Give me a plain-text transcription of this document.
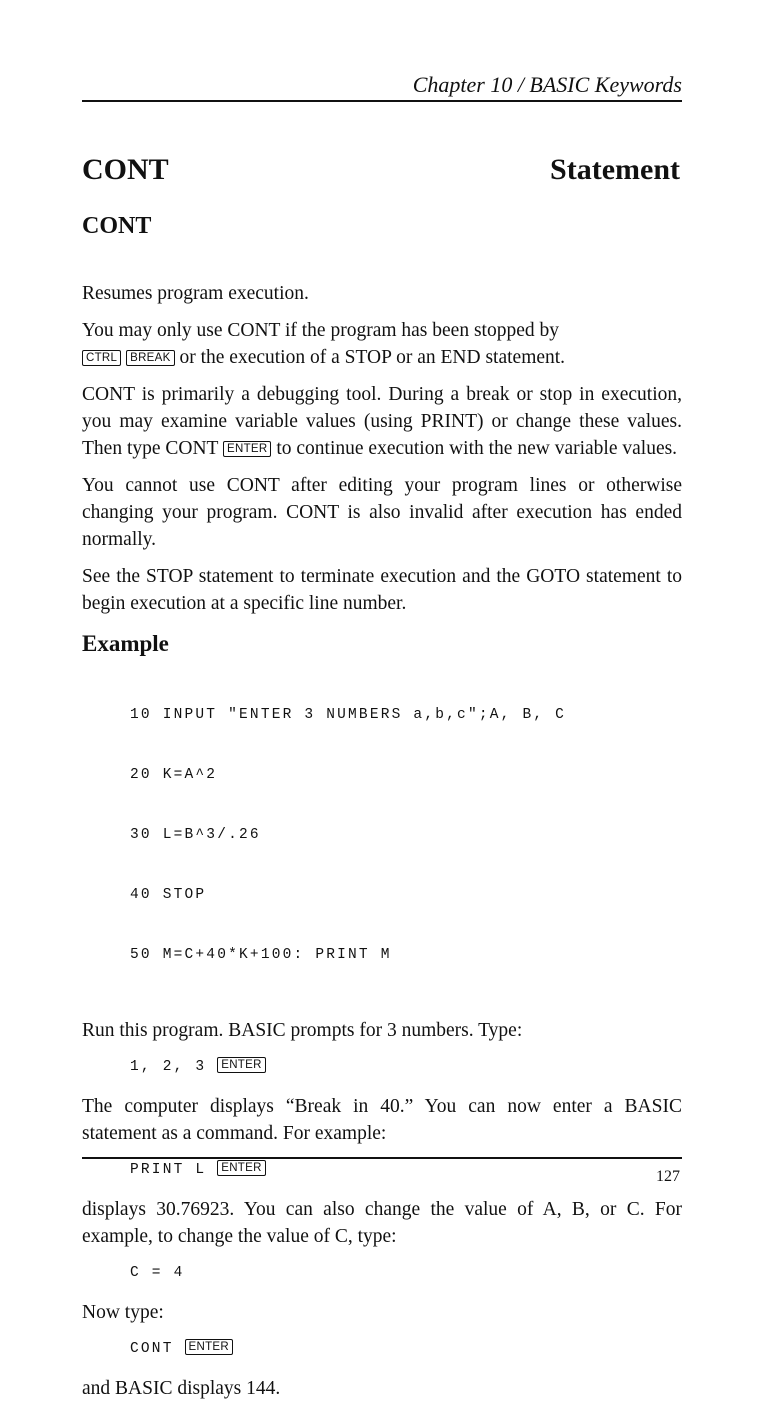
Chapter 10 / BASIC Keywords
CONT	Statement
CONT

Resumes program execution.

You may only use CONT if the program has been stopped by
CTRL BREAK or the execution of a STOP or an END statement.

CONT is primarily a debugging tool. During a break or stop in execution, you may examine variable values (using PRINT) or change these values. Then type CONT ENTER to continue execution with the new variable values.

You cannot use CONT after editing your program lines or otherwise changing your program. CONT is also invalid after execution has ended normally.

See the STOP statement to terminate execution and the GOTO statement to begin execution at a specific line number.

Example

10 INPUT "ENTER 3 NUMBERS a,b,c";A, B, C

20 K=A^2

30 L=B^3/.26

40 STOP

50 M=C+40*K+100: PRINT M

Run this program. BASIC prompts for 3 numbers. Type:

1, 2, 3 ENTER

The computer displays “Break in 40.” You can now enter a BASIC statement as a command. For example:

PRINT L ENTER

displays 30.76923. You can also change the value of A, B, or C. For example, to change the value of C, type:

C = 4

Now type:

CONT ENTER

and BASIC displays 144.

127
